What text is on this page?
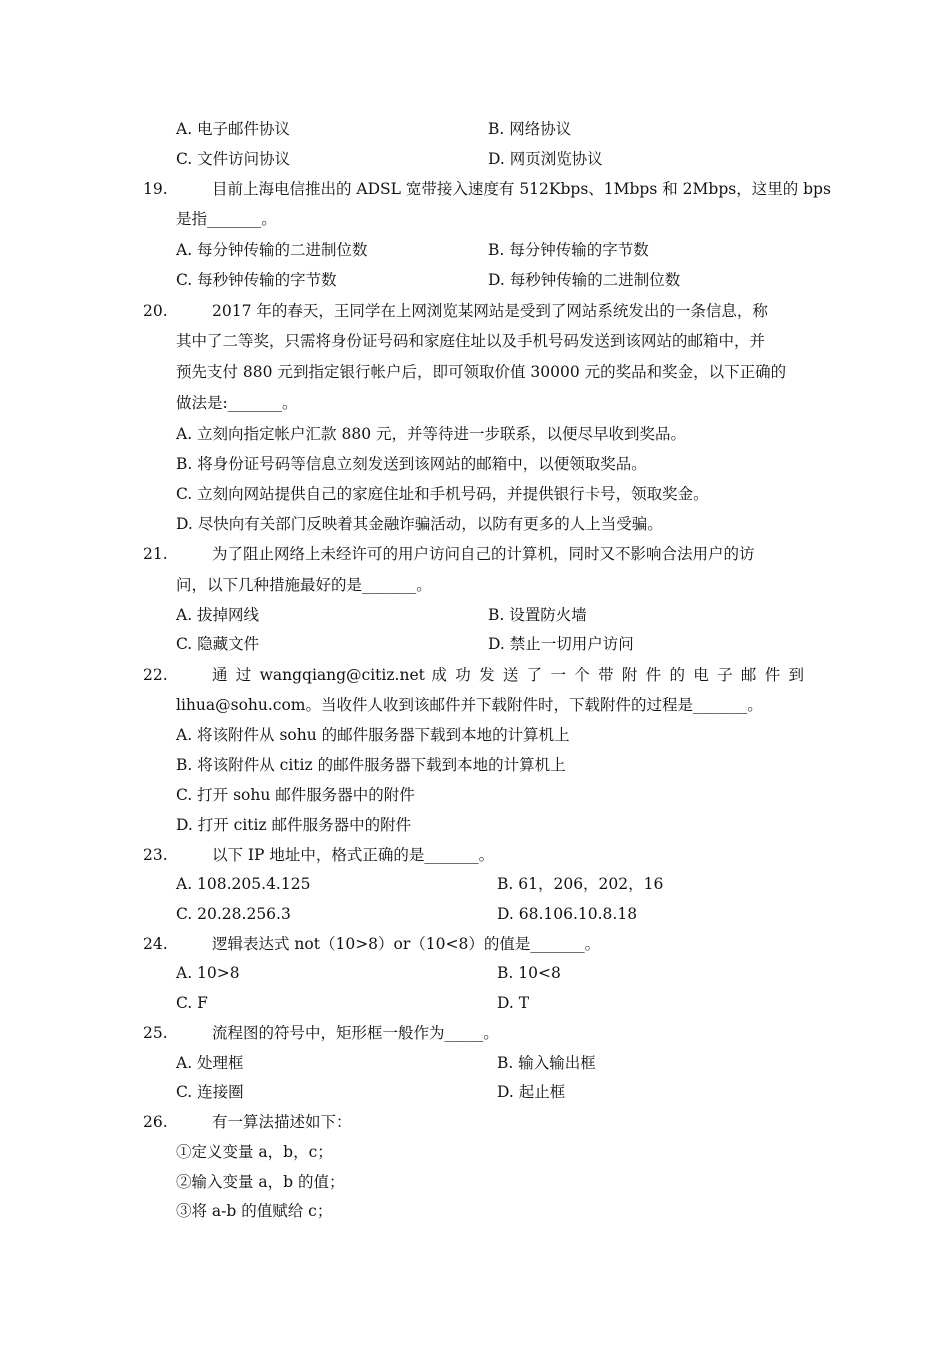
A. 电子邮件协议	B. 网络协议
C. 文件访问协议	D. 网页浏览协议
19.	目前上海电信推出的 ADSL 宽带接入速度有 512Kbps、1Mbps 和 2Mbps，这里的 bps
是指_______。
A. 每分钟传输的二进制位数	B. 每分钟传输的字节数
C. 每秒钟传输的字节数	D. 每秒钟传输的二进制位数
20.	2017 年的春天，王同学在上网浏览某网站是受到了网站系统发出的一条信息，称
其中了二等奖，只需将身份证号码和家庭住址以及手机号码发送到该网站的邮箱中，并
预先支付 880 元到指定银行帐户后，即可领取价值 30000 元的奖品和奖金，以下正确的
做法是:_______。
A. 立刻向指定帐户汇款 880 元，并等待进一步联系，以便尽早收到奖品。
B. 将身份证号码等信息立刻发送到该网站的邮箱中，以便领取奖品。
C. 立刻向网站提供自己的家庭住址和手机号码，并提供银行卡号，领取奖金。
D. 尽快向有关部门反映着其金融诈骗活动，以防有更多的人上当受骗。
21.	为了阻止网络上未经许可的用户访问自己的计算机，同时又不影响合法用户的访
问，以下几种措施最好的是_______。
A. 拔掉网线	B. 设置防火墙
C. 隐藏文件	D. 禁止一切用户访问
22.	通 过 wangqiang@citiz.net 成 功 发 送 了 一 个 带 附 件 的 电 子 邮 件 到
lihua@sohu.com。当收件人收到该邮件并下载附件时，下载附件的过程是_______。
A. 将该附件从 sohu 的邮件服务器下载到本地的计算机上
B. 将该附件从 citiz 的邮件服务器下载到本地的计算机上
C. 打开 sohu 邮件服务器中的附件
D. 打开 citiz 邮件服务器中的附件
23.	以下 IP 地址中，格式正确的是_______。
A. 108.205.4.125	B. 61，206，202，16
C. 20.28.256.3	D. 68.106.10.8.18
24.	逻辑表达式 not（10>8）or（10<8）的值是_______。
A. 10>8	B. 10<8
C. F	D. T
25.	流程图的符号中，矩形框一般作为_____。
A. 处理框	B. 输入输出框
C. 连接圈	D. 起止框
26.	有一算法描述如下：
①定义变量 a，b，c；
②输入变量 a，b 的值；
③将 a-b 的值赋给 c；
